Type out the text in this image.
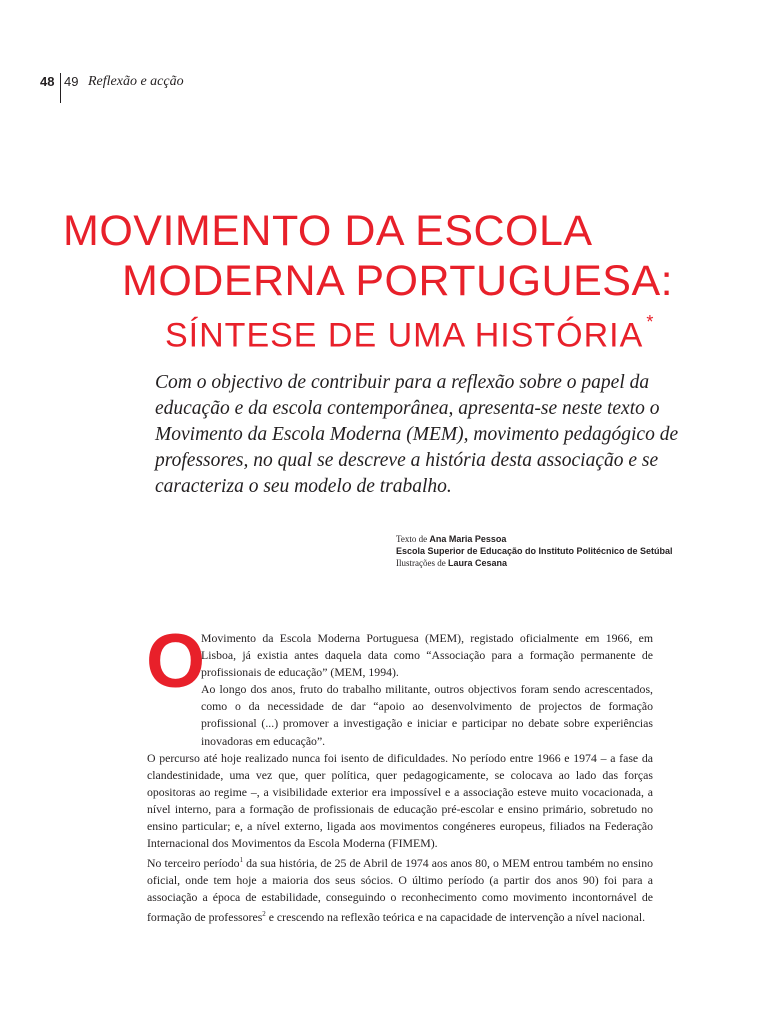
48 49 Reflexão e acção
MOVIMENTO DA ESCOLA
MODERNA PORTUGUESA:
SÍNTESE DE UMA HISTÓRIA *

Com o objectivo de contribuir para a reflexão sobre o papel da educação e da escola contemporânea, apresenta-se neste texto o Movimento da Escola Moderna (MEM), movimento pedagógico de professores, no qual se descreve a história desta associação e se caracteriza o seu modelo de trabalho.

Texto de Ana Maria Pessoa
Escola Superior de Educação do Instituto Politécnico de Setúbal
Ilustrações de Laura Cesana
O

Movimento da Escola Moderna Portuguesa (MEM), registado oficialmente em 1966, em Lisboa, já existia antes daquela data como “Associação para a formação permanente de profissionais de educação” (MEM, 1994).

Ao longo dos anos, fruto do trabalho militante, outros objectivos foram sendo acrescentados, como o da necessidade de dar “apoio ao desenvolvimento de projectos de formação profissional (...) promover a investigação e iniciar e participar no debate sobre experiências inovadoras em educação”.

O percurso até hoje realizado nunca foi isento de dificuldades. No período entre 1966 e 1974 – a fase da clandestinidade, uma vez que, quer política, quer pedagogicamente, se colocava ao lado das forças opositoras ao regime –, a visibilidade exterior era impossível e a associação esteve muito vocacionada, a nível interno, para a formação de profissionais de educação pré-escolar e ensino primário, sobretudo no ensino particular; e, a nível externo, ligada aos movimentos congéneres europeus, filiados na Federação Internacional dos Movimentos da Escola Moderna (FIMEM).

No terceiro período$^1$ da sua história, de 25 de Abril de 1974 aos anos 80, o MEM entrou também no ensino oficial, onde tem hoje a maioria dos seus sócios. O último período (a partir dos anos 90) foi para a associação a época de estabilidade, conseguindo o reconhecimento como movimento incontornável de formação de professores$^2$ e crescendo na reflexão teórica e na capacidade de intervenção a nível nacional.
